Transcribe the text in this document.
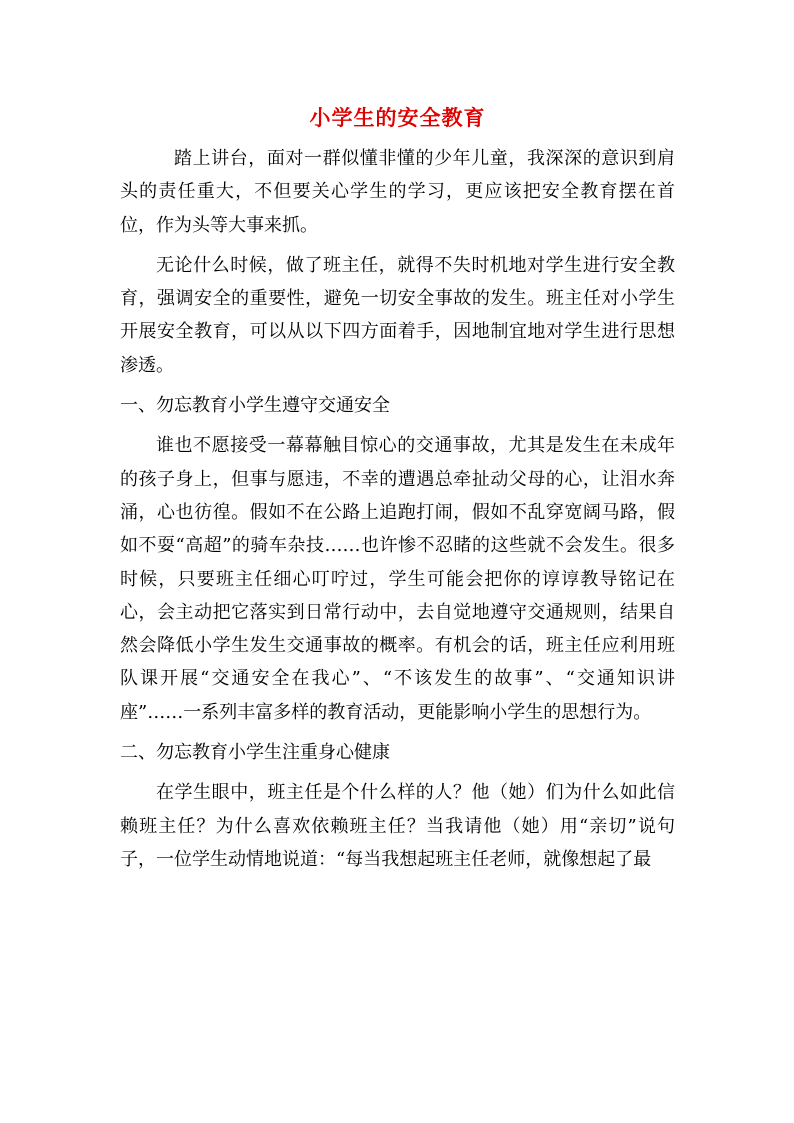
小学生的安全教育

踏上讲台，面对一群似懂非懂的少年儿童，我深深的意识到肩头的责任重大，不但要关心学生的学习，更应该把安全教育摆在首位，作为头等大事来抓。

无论什么时候，做了班主任，就得不失时机地对学生进行安全教育，强调安全的重要性，避免一切安全事故的发生。班主任对小学生开展安全教育，可以从以下四方面着手，因地制宜地对学生进行思想渗透。

一、勿忘教育小学生遵守交通安全

谁也不愿接受一幕幕触目惊心的交通事故，尤其是发生在未成年的孩子身上，但事与愿违，不幸的遭遇总牵扯动父母的心，让泪水奔涌，心也彷徨。假如不在公路上追跑打闹，假如不乱穿宽阔马路，假如不耍“高超”的骑车杂技……也许惨不忍睹的这些就不会发生。很多时候，只要班主任细心叮咛过，学生可能会把你的谆谆教导铭记在心，会主动把它落实到日常行动中，去自觉地遵守交通规则，结果自然会降低小学生发生交通事故的概率。有机会的话，班主任应利用班队课开展“交通安全在我心”、“不该发生的故事”、“交通知识讲座”……一系列丰富多样的教育活动，更能影响小学生的思想行为。

二、勿忘教育小学生注重身心健康

在学生眼中，班主任是个什么样的人？他（她）们为什么如此信赖班主任？为什么喜欢依赖班主任？当我请他（她）用“亲切”说句子，一位学生动情地说道：“每当我想起班主任老师，就像想起了最
